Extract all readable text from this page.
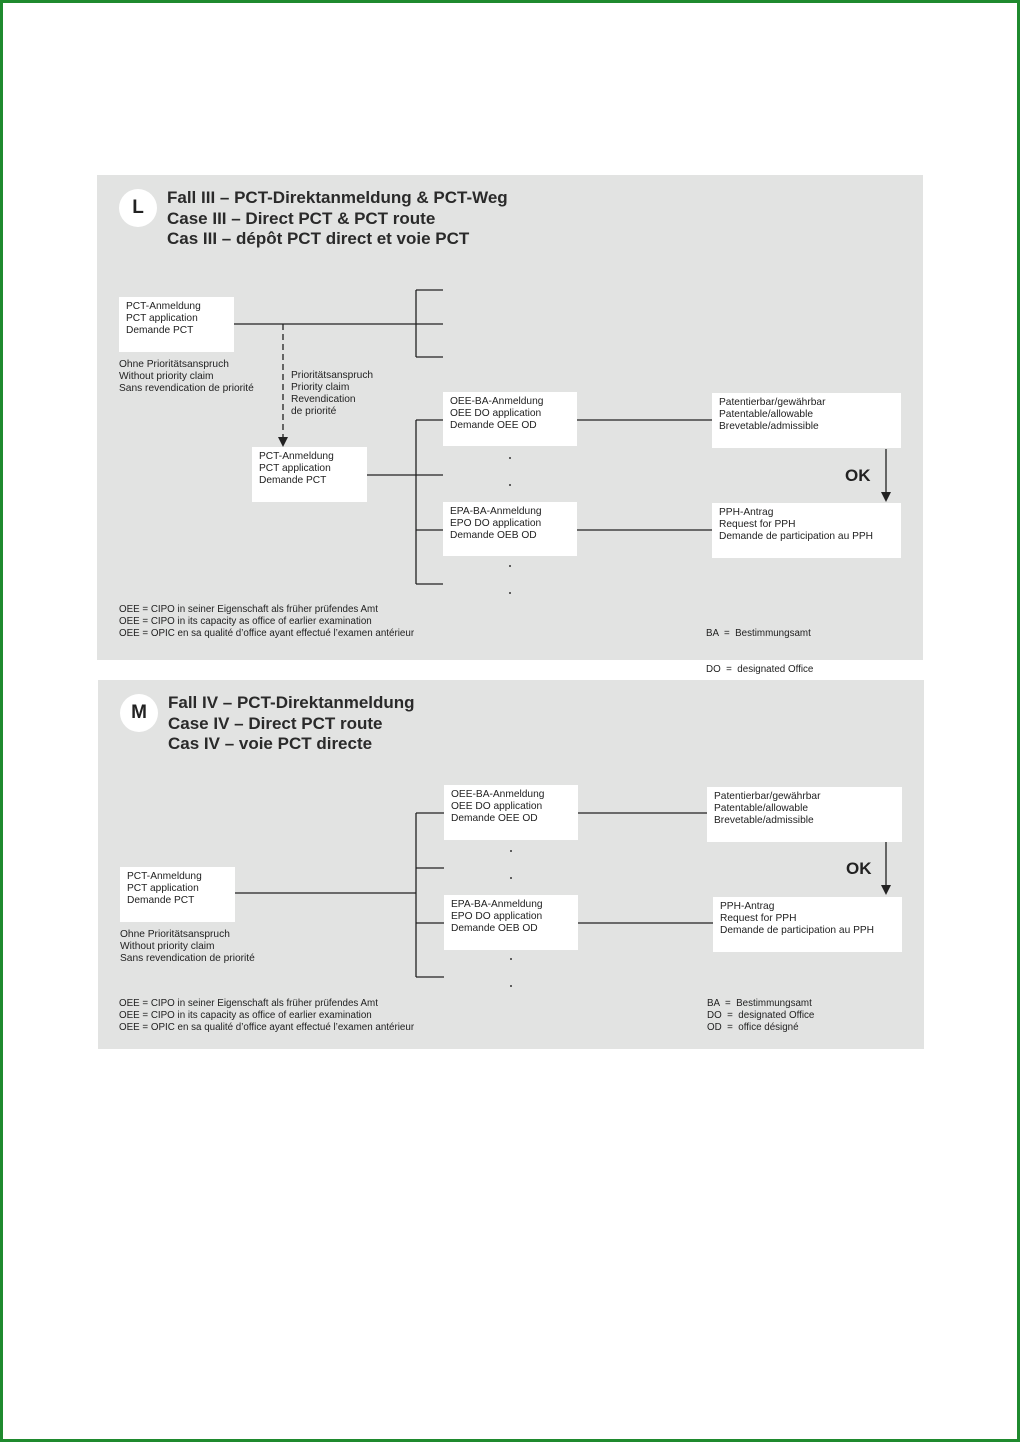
L	Fall III – PCT-Direktanmeldung & PCT-Weg
Case III – Direct PCT & PCT route
Cas III – dépôt PCT direct et voie PCT
PCT-Anmeldung
PCT application
Demande PCT
Ohne Prioritätsanspruch
Without priority claim
Sans revendication de priorité
Prioritätsanspruch
Priority claim
Revendication
de priorité
PCT-Anmeldung
PCT application
Demande PCT
OEE-BA-Anmeldung
OEE DO application
Demande OEE OD
EPA-BA-Anmeldung
EPO DO application
Demande OEB OD
Patentierbar/gewährbar
Patentable/allowable
Brevetable/admissible
OK
PPH-Antrag
Request for PPH
Demande de participation au PPH
OEE = CIPO in seiner Eigenschaft als früher prüfendes Amt
OEE = CIPO in its capacity as office of earlier examination
OEE = OPIC en sa qualité d’office ayant effectué l’examen antérieur

	BA  =  Bestimmungsamt

DO  =  designated Office

M	Fall IV – PCT-Direktanmeldung
Case IV – Direct PCT route
Cas IV – voie PCT directe
OEE-BA-Anmeldung
OEE DO application
Demande OEE OD
Patentierbar/gewährbar
Patentable/allowable
Brevetable/admissible
OK
PCT-Anmeldung
PCT application
Demande PCT	EPA-BA-Anmeldung
EPO DO application
Demande OEB OD
PPH-Antrag
Request for PPH
Demande de participation au PPH
Ohne Prioritätsanspruch
Without priority claim
Sans revendication de priorité
OEE = CIPO in seiner Eigenschaft als früher prüfendes Amt
OEE = CIPO in its capacity as office of earlier examination
OEE = OPIC en sa qualité d’office ayant effectué l’examen antérieur
BA  =  Bestimmungsamt
DO  =  designated Office
OD  =  office désigné
